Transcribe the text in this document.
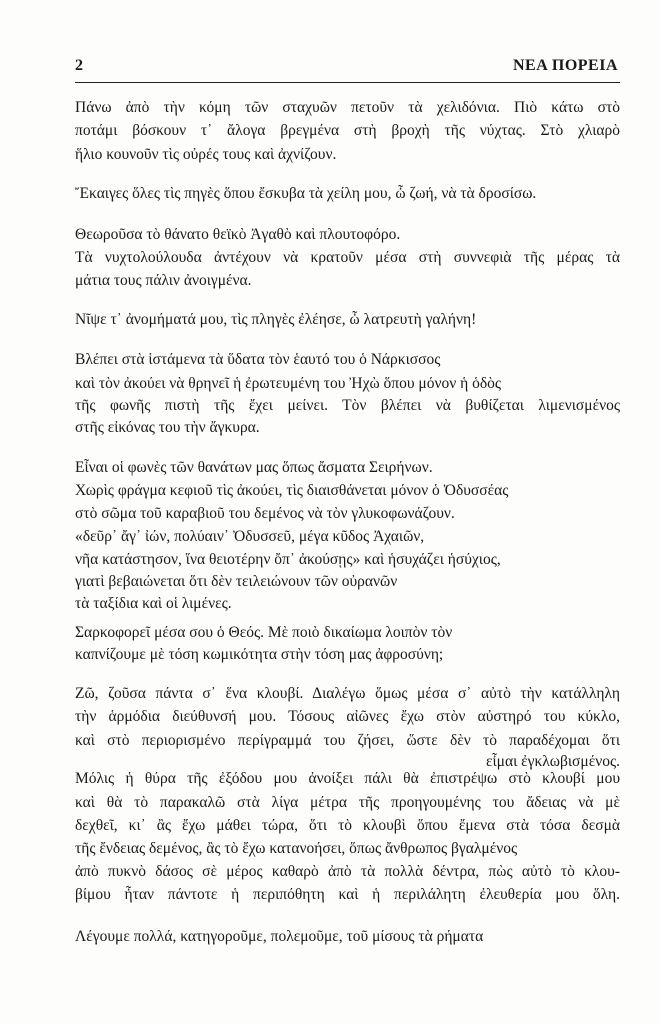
2	ΝΕΑ ΠΟΡΕΙΑ
Πάνω ἀπὸ τὴν κόμη τῶν σταχυῶν πετοῦν τὰ χελιδόνια. Πιὸ κάτω στὸ
ποτάμι βόσκουν τ᾽ ἄλογα βρεγμένα στὴ βροχὴ τῆς νύχτας. Στὸ χλιαρὸ
ἥλιο κουνοῦν τὶς οὐρές τους καὶ ἀχνίζουν.
Ἔκαιγες ὅλες τὶς πηγὲς ὅπου ἔσκυβα τὰ χείλη μου, ὦ ζωή, νὰ τὰ δροσίσω.
Θεωροῦσα τὸ θάνατο θεϊκὸ Ἀγαθὸ καὶ πλουτοφόρο.
Τὰ νυχτολούλουδα ἀντέχουν νὰ κρατοῦν μέσα στὴ συννεφιὰ τῆς μέρας τὰ
μάτια τους πάλιν ἀνοιγμένα.
Νῖψε τ᾽ ἀνομήματά μου, τὶς πληγὲς ἐλέησε, ὦ λατρευτὴ γαλήνη!
Βλέπει στὰ ἱστάμενα τὰ ὕδατα τὸν ἑαυτό του ὁ Νάρκισσος
καὶ τὸν ἀκούει νὰ θρηνεῖ ἡ ἐρωτευμένη του Ἠχὼ ὅπου μόνον ἡ ὁδὸς
τῆς φωνῆς πιστὴ τῆς ἔχει μείνει. Τὸν βλέπει νὰ βυθίζεται λιμενισμένος
στῆς εἰκόνας του τὴν ἄγκυρα.
Εἶναι οἱ φωνὲς τῶν θανάτων μας ὅπως ἄσματα Σειρήνων.
Χωρὶς φράγμα κεφιοῦ τὶς ἀκούει, τὶς διαισθάνεται μόνον ὁ Ὀδυσσέας
στὸ σῶμα τοῦ καραβιοῦ του δεμένος νὰ τὸν γλυκοφωνάζουν.
«δεῦρ᾽ ἄγ᾽ ἰών, πολύαιν᾽ Ὀδυσσεῦ, μέγα κῦδος Ἀχαιῶν,
νῆα κατάστησον, ἵνα θειοτέρην ὄπ᾽ ἀκούσῃς» καὶ ἡσυχάζει ἡσύχιος,
γιατὶ βεβαιώνεται ὅτι δὲν τειλειώνουν τῶν οὐρανῶν
τὰ ταξίδια καὶ οἱ λιμένες.
Σαρκοφορεῖ μέσα σου ὁ Θεός. Μὲ ποιὸ δικαίωμα λοιπὸν τὸν
καπνίζουμε μὲ τόση κωμικότητα στὴν τόση μας ἀφροσύνη;
Ζῶ, ζοῦσα πάντα σ᾽ ἕνα κλουβί. Διαλέγω ὅμως μέσα σ᾽ αὐτὸ τὴν κατάλληλη
τὴν ἁρμόδια διεύθυνσή μου. Τόσους αἰῶνες ἔχω στὸν αὐστηρό του κύκλο,
καὶ στὸ περιορισμένο περίγραμμά του ζήσει, ὥστε δὲν τὸ παραδέχομαι ὅτι
εἶμαι ἐγκλωβισμένος.
Μόλις ἡ θύρα τῆς ἐξόδου μου ἀνοίξει πάλι θὰ ἐπιστρέψω στὸ κλουβί μου
καὶ θὰ τὸ παρακαλῶ στὰ λίγα μέτρα τῆς προηγουμένης του ἄδειας νὰ μὲ
δεχθεῖ, κι᾽ ἂς ἔχω μάθει τώρα, ὅτι τὸ κλουβὶ ὅπου ἔμενα στὰ τόσα δεσμὰ
τῆς ἔνδειας δεμένος, ἂς τὸ ἔχω κατανοήσει, ὅπως ἄνθρωπος βγαλμένος
ἀπὸ πυκνὸ δάσος σὲ μέρος καθαρὸ ἀπὸ τὰ πολλὰ δέντρα, πὼς αὐτὸ τὸ κλου-
βίμου ἦταν πάντοτε ἡ περιπόθητη καὶ ἡ περιλάλητη ἐλευθερία μου ὅλη.
Λέγουμε πολλά, κατηγοροῦμε, πολεμοῦμε, τοῦ μίσους τὰ ρήματα
